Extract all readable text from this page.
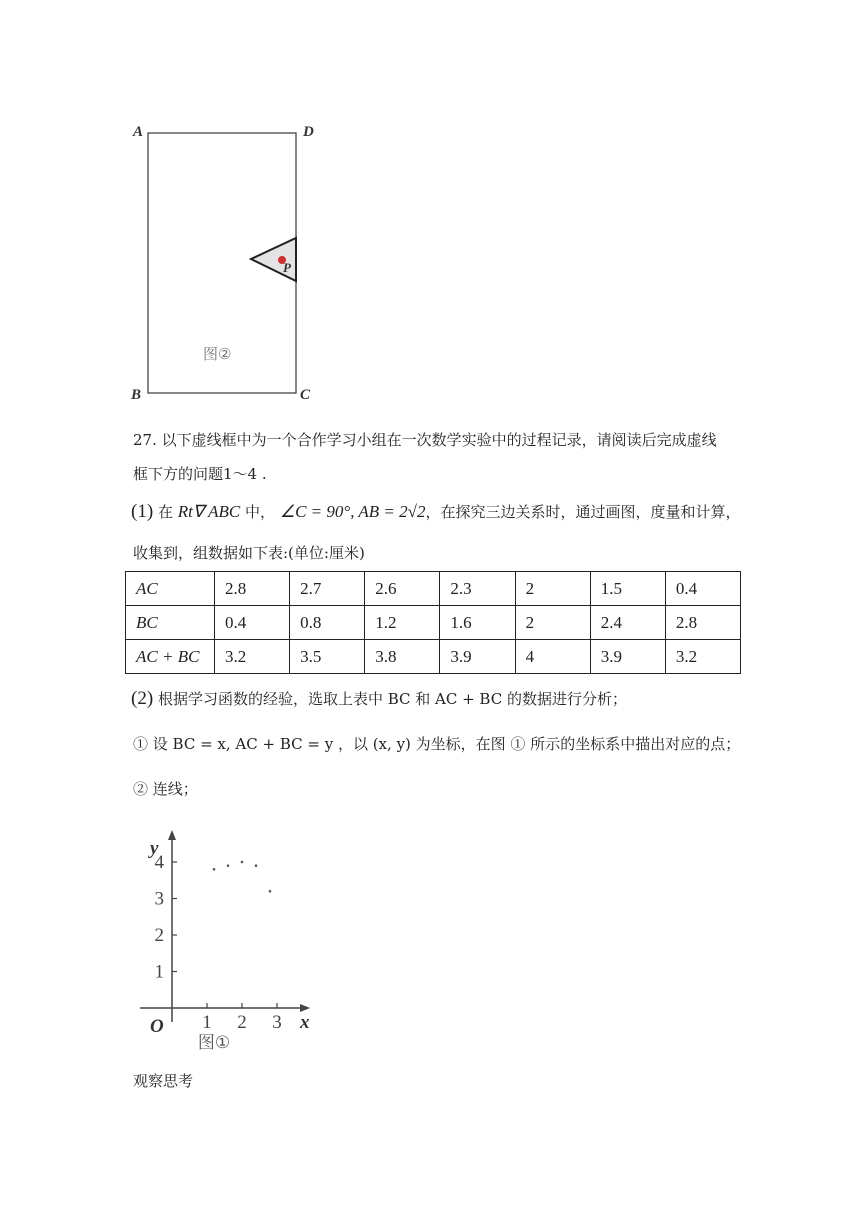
A	D
B	C
P
图②
27. 以下虚线框中为一个合作学习小组在一次数学实验中的过程记录，请阅读后完成虚线
框下方的问题1～4 .
(1) 在 Rt∇ ABC 中， ∠C = 90°, AB = 2√2，在探究三边关系时，通过画图，度量和计算，
收集到，组数据如下表:(单位:厘米)
AC	2.8	2.7	2.6	2.3	2	1.5	0.4
BC	0.4	0.8	1.2	1.6	2	2.4	2.8
AC + BC	3.2	3.5	3.8	3.9	4	3.9	3.2
(2) 根据学习函数的经验，选取上表中 BC 和 AC + BC 的数据进行分析；
① 设 BC = x, AC + BC = y ，以 (x, y) 为坐标，在图 ① 所示的坐标系中描出对应的点；
② 连线；
1 2 3
1
2
3
4
y
x
O
图①
观察思考
